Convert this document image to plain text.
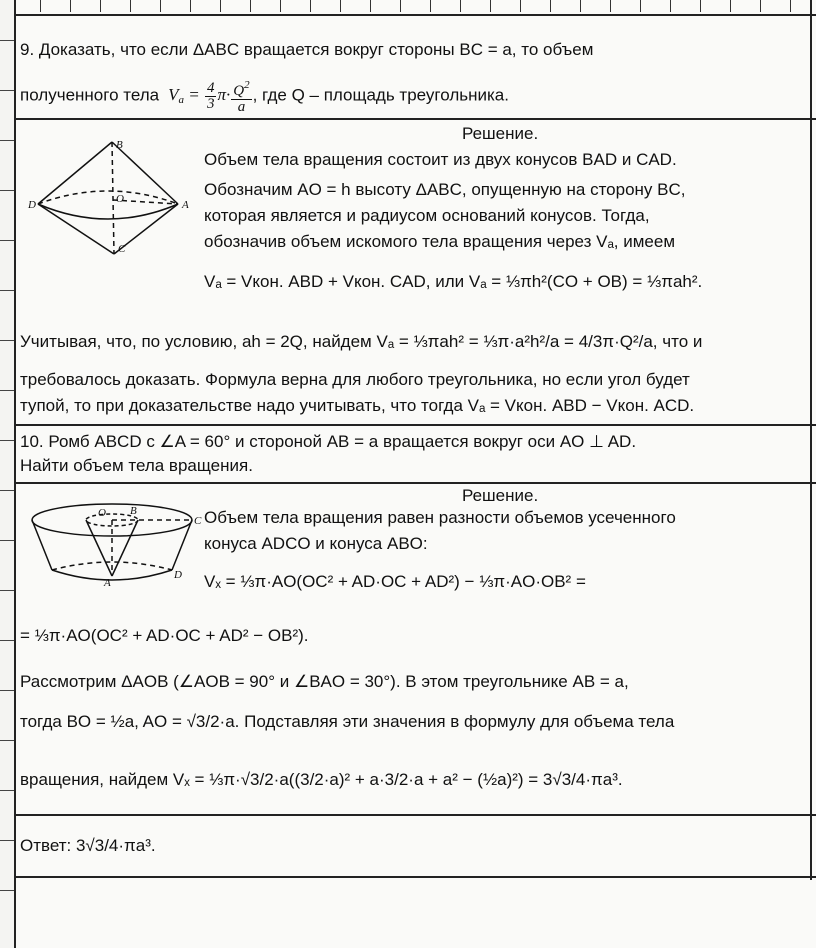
9. Доказать, что если ΔABC вращается вокруг стороны BC = a, то объем
полученного тела  $V_a = \frac{4}{3} \pi\cdot \frac{Q^2}{a}$ , где Q – площадь треугольника.
Решение.
B
D	O	A
C
Объем тела вращения состоит из двух конусов BAD и CAD.
Обозначим AO = h высоту ΔABC, опущенную на сторону BC,
которая является и радиусом оснований конусов. Тогда,
обозначив объем искомого тела вращения через Vₐ, имеем
Vₐ = Vкон. ABD + Vкон. CAD, или Vₐ = ⅓πh²(CO + OB) = ⅓πah².
Учитывая, что, по условию, ah = 2Q, найдем Vₐ = ⅓πah² = ⅓π·a²h²/a = 4/3π·Q²/a, что и
требовалось доказать. Формула верна для любого треугольника, но если угол будет
тупой, то при доказательстве надо учитывать, что тогда Vₐ = Vкон. ABD − Vкон. ACD.
10. Ромб ABCD с ∠A = 60° и стороной AB = a вращается вокруг оси AO ⊥ AD.
Найти объем тела вращения.
Решение.
O B
C
A
D
Объем тела вращения равен разности объемов усеченного
конуса ADCO и конуса ABO:
Vₓ = ⅓π·AO(OC² + AD·OC + AD²) − ⅓π·AO·OB² =
= ⅓π·AO(OC² + AD·OC + AD² − OB²).
Рассмотрим ΔAOB (∠AOB = 90° и ∠BAO = 30°). В этом треугольнике AB = a,
тогда BO = ½a, AO = √3/2·a. Подставляя эти значения в формулу для объема тела
вращения, найдем Vₓ = ⅓π·√3/2·a((3/2·a)² + a·3/2·a + a² − (½a)²) = 3√3/4·πa³.
Ответ: 3√3/4·πa³.
